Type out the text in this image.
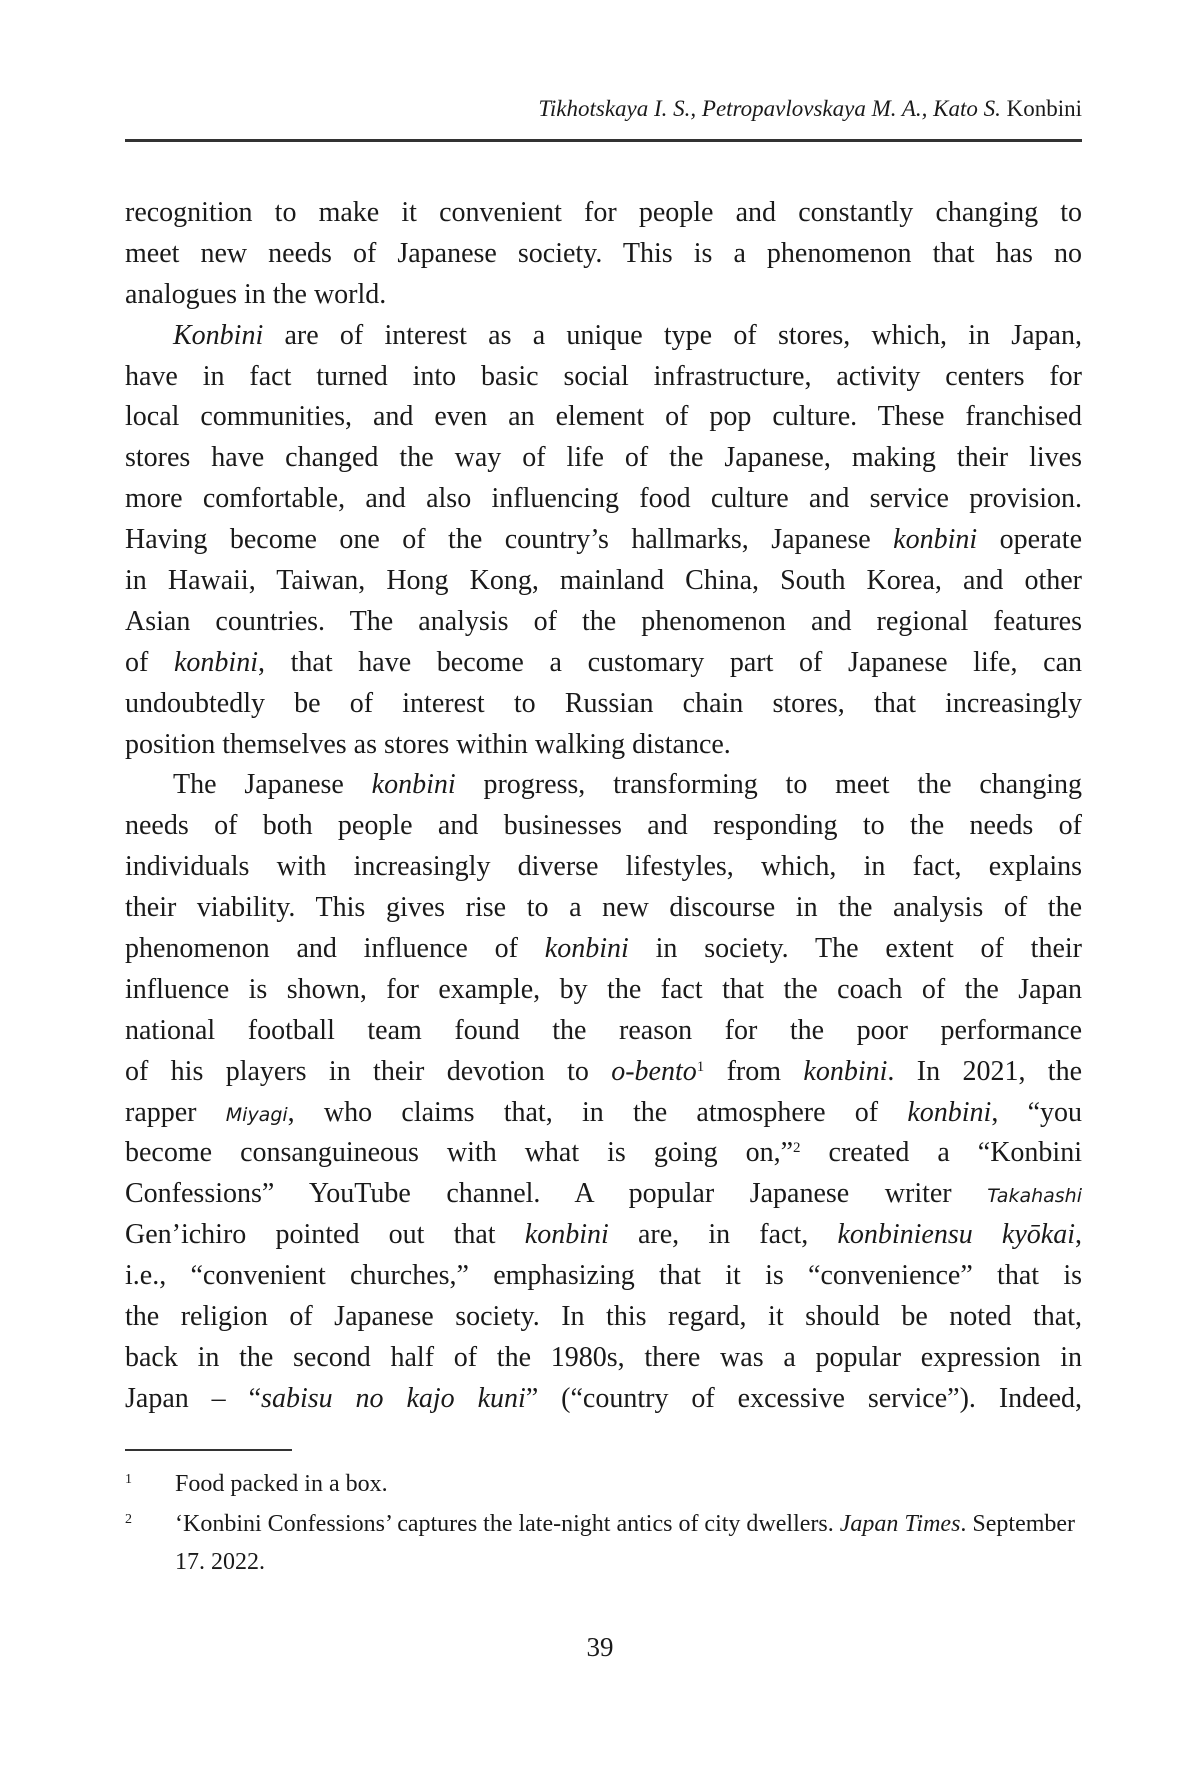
Tikhotskaya I. S., Petropavlovskaya M. A., Kato S. Konbini
recognition to make it convenient for people and constantly changing to
meet new needs of Japanese society. This is a phenomenon that has no
analogues in the world.
Konbini are of interest as a unique type of stores, which, in Japan,
have in fact turned into basic social infrastructure, activity centers for
local communities, and even an element of pop culture. These franchised
stores have changed the way of life of the Japanese, making their lives
more comfortable, and also influencing food culture and service provision.
Having become one of the country’s hallmarks, Japanese konbini operate
in Hawaii, Taiwan, Hong Kong, mainland China, South Korea, and other
Asian countries. The analysis of the phenomenon and regional features
of konbini, that have become a customary part of Japanese life, can
undoubtedly be of interest to Russian chain stores, that increasingly
position themselves as stores within walking distance.
The Japanese konbini progress, transforming to meet the changing
needs of both people and businesses and responding to the needs of
individuals with increasingly diverse lifestyles, which, in fact, explains
their viability. This gives rise to a new discourse in the analysis of the
phenomenon and influence of konbini in society. The extent of their
influence is shown, for example, by the fact that the coach of the Japan
national football team found the reason for the poor performance
of his players in their devotion to o-bento$^1$ from konbini. In 2021, the
rapper Miyagi, who claims that, in the atmosphere of konbini, “you
become consanguineous with what is going on,”$^2$ created a “Konbini
Confessions” YouTube channel. A popular Japanese writer Takahashi
Gen’ichiro pointed out that konbini are, in fact, konbiniensu kyōkai,
i.e., “convenient churches,” emphasizing that it is “convenience” that is
the religion of Japanese society. In this regard, it should be noted that,
back in the second half of the 1980s, there was a popular expression in
Japan – “sabisu no kajo kuni” (“country of excessive service”). Indeed,
1 Food packed in a box.
2 ‘Konbini Confessions’ captures the late-night antics of city dwellers. Japan Times. September 17. 2022.
39
